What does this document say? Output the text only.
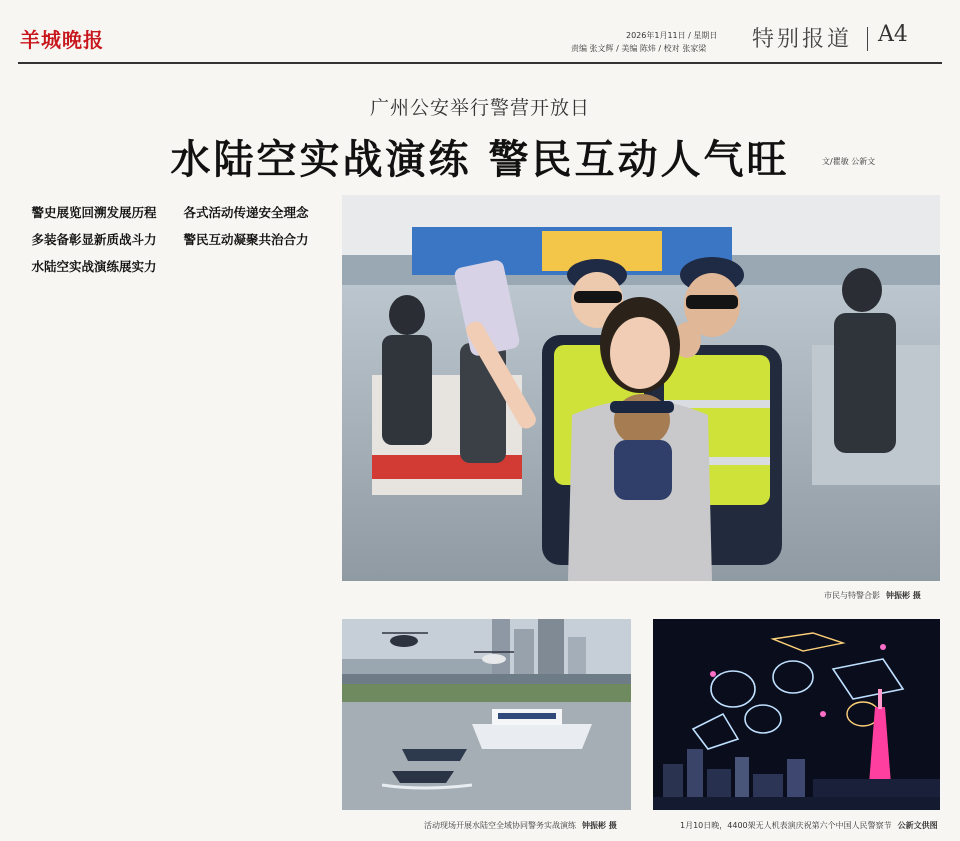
羊城晚报	2026年1月11日 / 星期日
责编 张文辉 / 美编 陈炜 / 校对 张家梁 特别报道 A4
广州公安举行警营开放日
水陆空实战演练 警民互动人气旺	文/瞿敏 公新文

警史展览回溯发展历程

多装备彰显新质战斗力

水陆空实战演练展实力

各式活动传递安全理念

警民互动凝聚共治合力

市民与特警合影 钟振彬 摄
活动现场开展水陆空全域协同警务实战演练 钟振彬 摄	1月10日晚，4400架无人机表演庆祝第六个中国人民警察节 公新文供图
